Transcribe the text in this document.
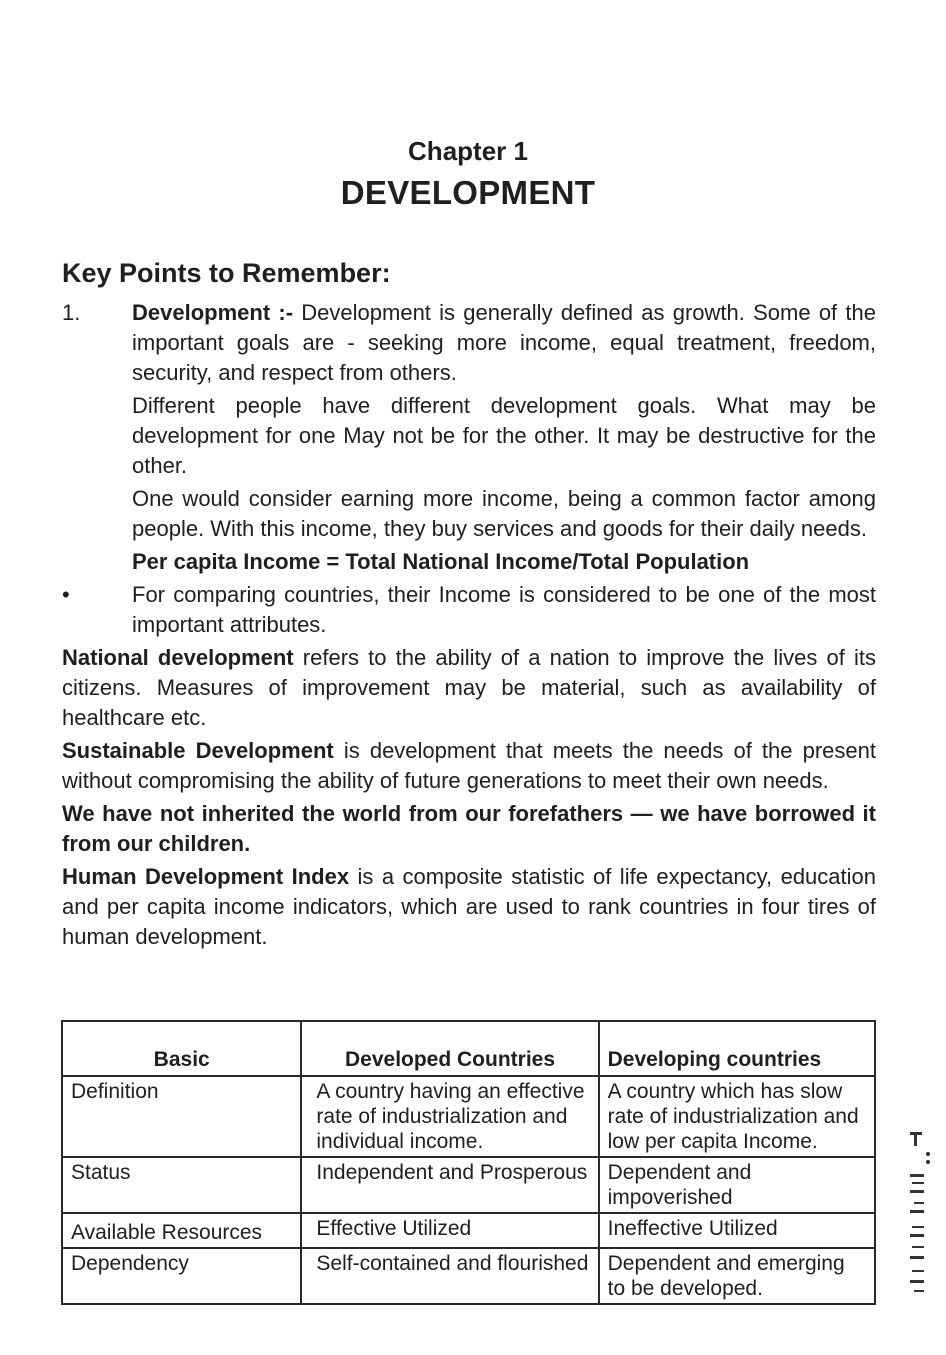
Chapter 1
DEVELOPMENT
Key Points to Remember:
1.	Development :- Development is generally defined as growth. Some of the important goals are - seeking more income, equal treatment, freedom, security, and respect from others.

Different people have different development goals. What may be development for one May not be for the other. It may be destructive for the other.

One would consider earning more income, being a common factor among people. With this income, they buy services and goods for their daily needs.

Per capita Income = Total National Income/Total Population

•	For comparing countries, their Income is considered to be one of the most important attributes.

National development refers to the ability of a nation to improve the lives of its citizens. Measures of improvement may be material, such as availability of healthcare etc.

Sustainable Development is development that meets the needs of the present without compromising the ability of future generations to meet their own needs.

We have not inherited the world from our forefathers — we have borrowed it from our children.

Human Development Index is a composite statistic of life expectancy, education and per capita income indicators, which are used to rank countries in four tires of human development.

Basic	Developed Countries	Developing countries
Definition	A country having an effective rate of industrialization and individual income.	A country which has slow rate of industrialization and low per capita Income.
Status	Independent and Prosperous	Dependent and impoverished
Available Resources	Effective Utilized	Ineffective Utilized
Dependency	Self-contained and flourished	Dependent and emerging to be developed.
